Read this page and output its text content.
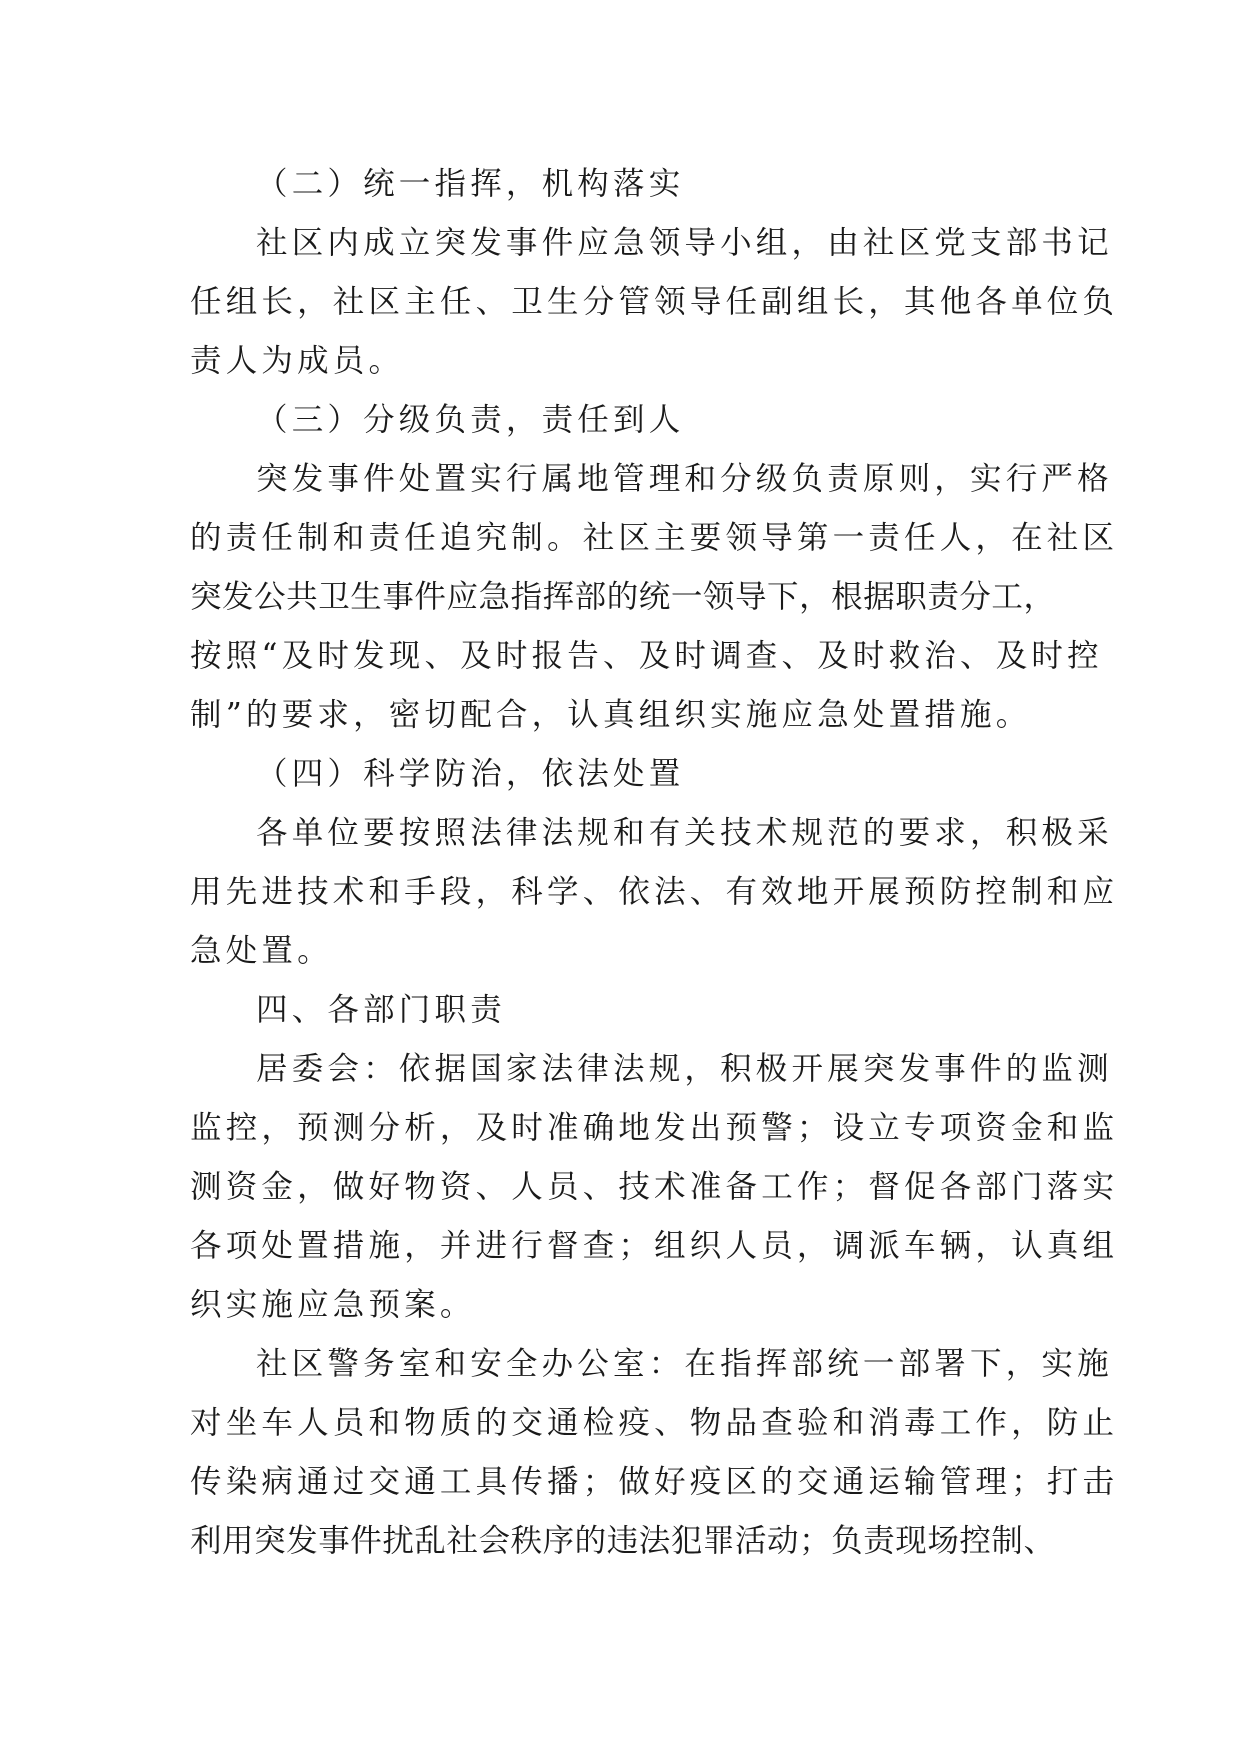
（二）统一指挥，机构落实
社区内成立突发事件应急领导小组，由社区党支部书记
任组长，社区主任、卫生分管领导任副组长，其他各单位负
责人为成员。
（三）分级负责，责任到人
突发事件处置实行属地管理和分级负责原则，实行严格
的责任制和责任追究制。社区主要领导第一责任人，在社区
突发公共卫生事件应急指挥部的统一领导下，根据职责分工，
按照“及时发现、及时报告、及时调查、及时救治、及时控
制”的要求，密切配合，认真组织实施应急处置措施。
（四）科学防治，依法处置
各单位要按照法律法规和有关技术规范的要求，积极采
用先进技术和手段，科学、依法、有效地开展预防控制和应
急处置。
四、各部门职责
居委会：依据国家法律法规，积极开展突发事件的监测
监控，预测分析，及时准确地发出预警；设立专项资金和监
测资金，做好物资、人员、技术准备工作；督促各部门落实
各项处置措施，并进行督查；组织人员，调派车辆，认真组
织实施应急预案。
社区警务室和安全办公室：在指挥部统一部署下，实施
对坐车人员和物质的交通检疫、物品查验和消毒工作，防止
传染病通过交通工具传播；做好疫区的交通运输管理；打击
利用突发事件扰乱社会秩序的违法犯罪活动；负责现场控制、
